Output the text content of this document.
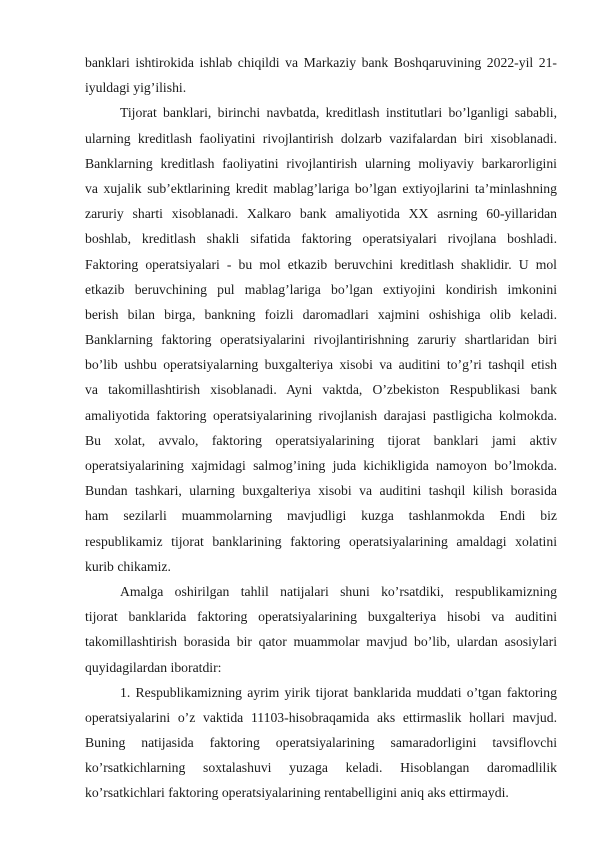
banklari ishtirokida ishlab chiqildi va Markaziy bank Boshqaruvining 2022-yil 21-
iyuldagi yig’ilishi.
Tijorat banklari, birinchi navbatda, kreditlash institutlari bo’lganligi sababli,
ularning kreditlash faoliyatini rivojlantirish dolzarb vazifalardan biri xisoblanadi.
Banklarning kreditlash faoliyatini rivojlantirish ularning moliyaviy barkarorligini
va xujalik sub’ektlarining kredit mablag’lariga bo’lgan extiyojlarini ta’minlashning
zaruriy sharti xisoblanadi. Xalkaro bank amaliyotida XX asrning 60-yillaridan
boshlab, kreditlash shakli sifatida faktoring operatsiyalari rivojlana boshladi.
Faktoring operatsiyalari - bu mol etkazib beruvchini kreditlash shaklidir. U mol
etkazib beruvchining pul mablag’lariga bo’lgan extiyojini kondirish imkonini
berish bilan birga, bankning foizli daromadlari xajmini oshishiga olib keladi.
Banklarning faktoring operatsiyalarini rivojlantirishning zaruriy shartlaridan biri
bo’lib ushbu operatsiyalarning buxgalteriya xisobi va auditini to’g’ri tashqil etish
va takomillashtirish xisoblanadi. Ayni vaktda, O’zbekiston Respublikasi bank
amaliyotida faktoring operatsiyalarining rivojlanish darajasi pastligicha kolmokda.
Bu xolat, avvalo, faktoring operatsiyalarining tijorat banklari jami aktiv
operatsiyalarining xajmidagi salmog’ining juda kichikligida namoyon bo’lmokda.
Bundan tashkari, ularning buxgalteriya xisobi va auditini tashqil kilish borasida
ham sezilarli muammolarning mavjudligi kuzga tashlanmokda Endi biz
respublikamiz tijorat banklarining faktoring operatsiyalarining amaldagi xolatini
kurib chikamiz.
Amalga oshirilgan tahlil natijalari shuni ko’rsatdiki, respublikamizning
tijorat banklarida faktoring operatsiyalarining buxgalteriya hisobi va auditini
takomillashtirish borasida bir qator muammolar mavjud bo’lib, ulardan asosiylari
quyidagilardan iboratdir:
1. Respublikamizning ayrim yirik tijorat banklarida muddati o’tgan faktoring
operatsiyalarini o’z vaktida 11103-hisobraqamida aks ettirmaslik hollari mavjud.
Buning natijasida faktoring operatsiyalarining samaradorligini tavsiflovchi
ko’rsatkichlarning soxtalashuvi yuzaga keladi. Hisoblangan daromadlilik
ko’rsatkichlari faktoring operatsiyalarining rentabelligini aniq aks ettirmaydi.
